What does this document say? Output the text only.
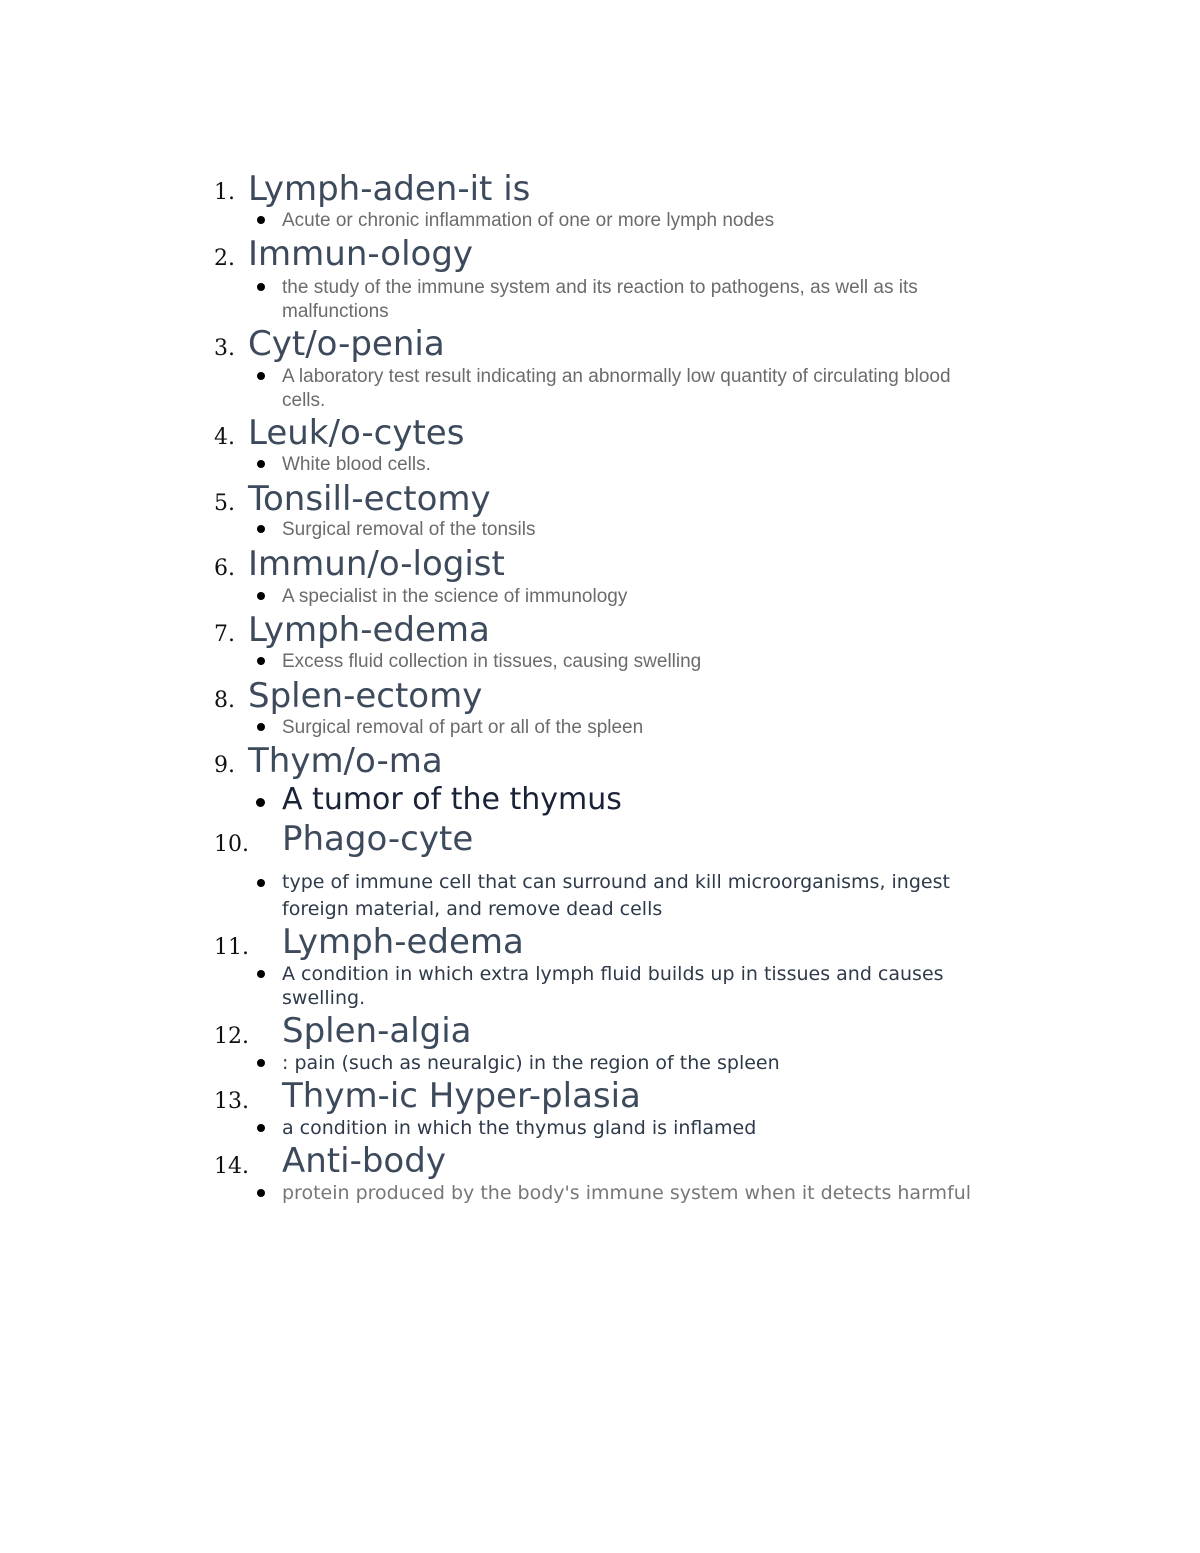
1. Lymph-aden-it is
Acute or chronic inflammation of one or more lymph nodes
2. Immun-ology
the study of the immune system and its reaction to pathogens, as well as its
malfunctions
3. Cyt/o-penia
A laboratory test result indicating an abnormally low quantity of circulating blood
cells.
4. Leuk/o-cytes
White blood cells.
5. Tonsill-ectomy
Surgical removal of the tonsils
6. Immun/o-logist
A specialist in the science of immunology
7. Lymph-edema
Excess fluid collection in tissues, causing swelling
8. Splen-ectomy
Surgical removal of part or all of the spleen
9. Thym/o-ma
A tumor of the thymus
10. Phago-cyte
type of immune cell that can surround and kill microorganisms, ingest
foreign material, and remove dead cells
11. Lymph-edema
A condition in which extra lymph fluid builds up in tissues and causes
swelling.
12. Splen-algia
: pain (such as neuralgic) in the region of the spleen
13. Thym-ic Hyper-plasia
a condition in which the thymus gland is inflamed
14. Anti-body
protein produced by the body's immune system when it detects harmful
